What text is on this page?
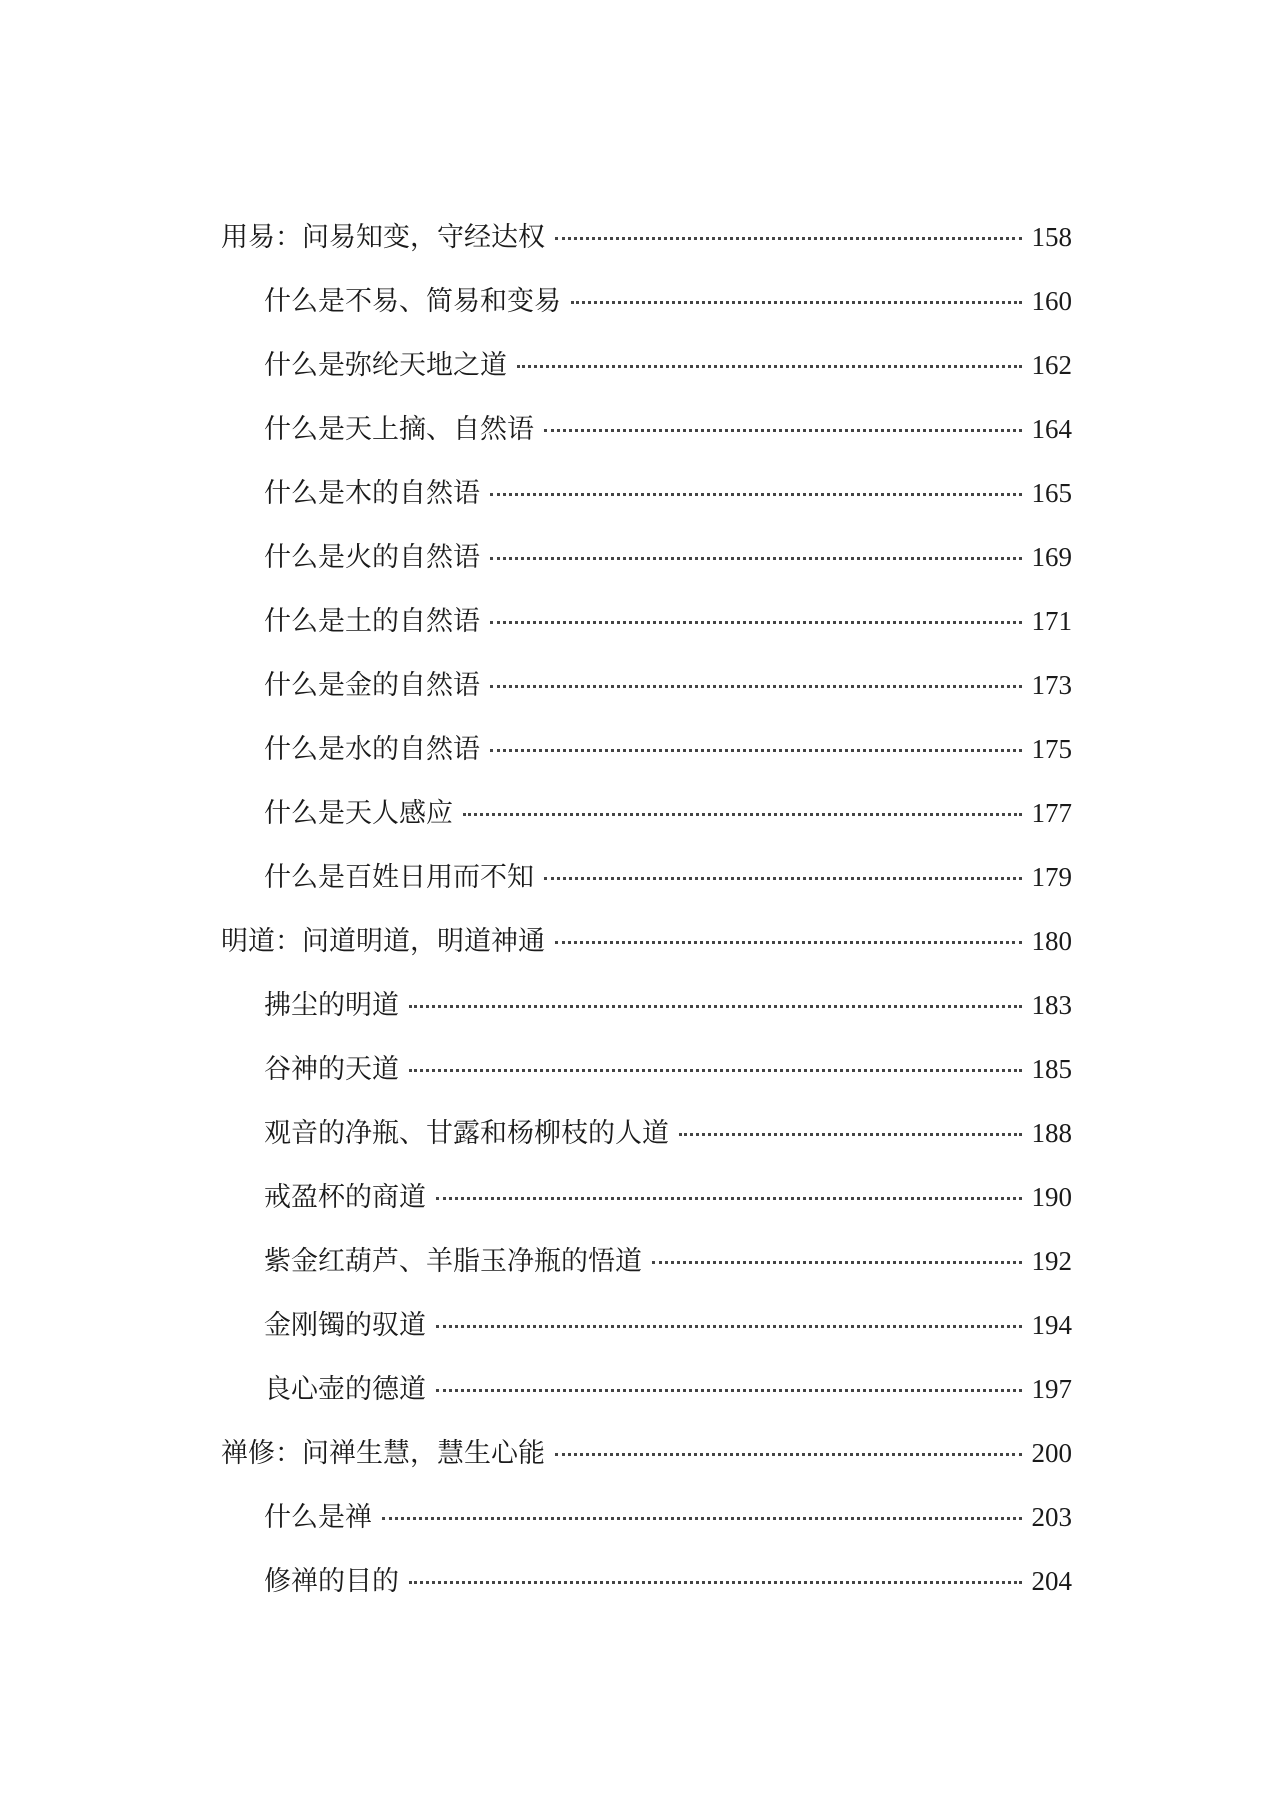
用易：问易知变，守经达权	158
什么是不易、简易和变易	160
什么是弥纶天地之道	162
什么是天上摘、自然语	164
什么是木的自然语	165
什么是火的自然语	169
什么是土的自然语	171
什么是金的自然语	173
什么是水的自然语	175
什么是天人感应	177
什么是百姓日用而不知	179
明道：问道明道，明道神通	180
拂尘的明道	183
谷神的天道	185
观音的净瓶、甘露和杨柳枝的人道	188
戒盈杯的商道	190
紫金红葫芦、羊脂玉净瓶的悟道	192
金刚镯的驭道	194
良心壶的德道	197
禅修：问禅生慧，慧生心能	200
什么是禅	203
修禅的目的	204
